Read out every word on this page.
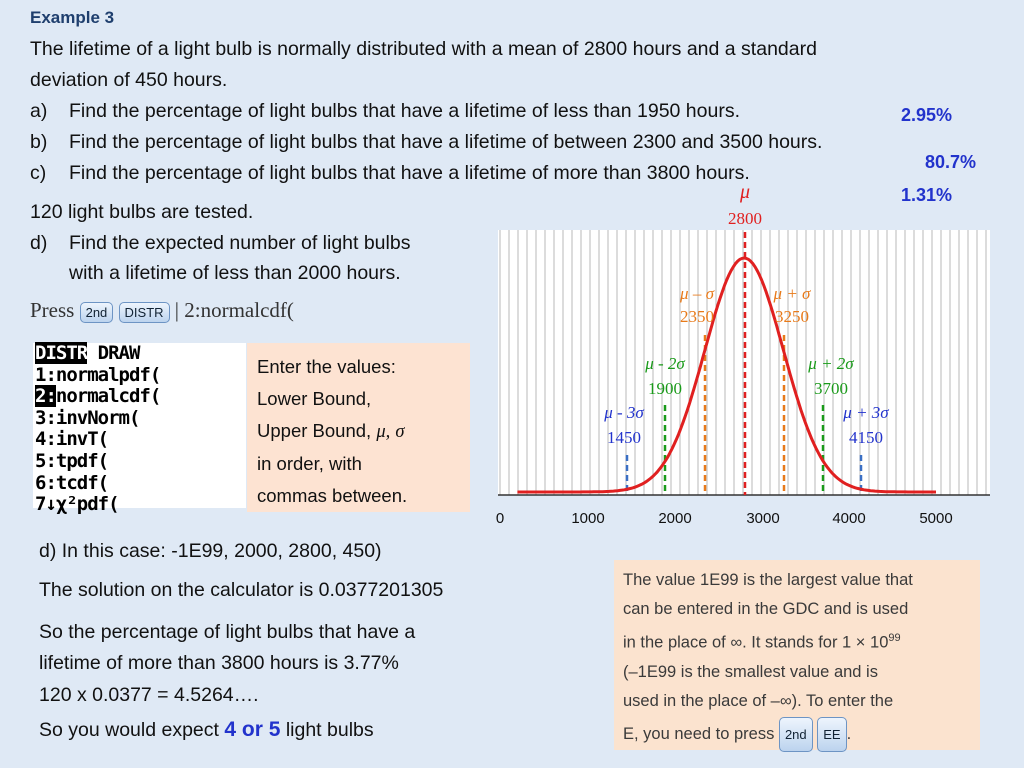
Example 3
The lifetime of a light bulb is normally distributed with a mean of 2800 hours and a standard
deviation of 450 hours.
a) Find the percentage of light bulbs that have a lifetime of less than 1950 hours.	2.95%
b) Find the percentage of light bulbs that have a lifetime of between 2300 and 3500 hours.
80.7%
c) Find the percentage of light bulbs that have a lifetime of more than 3800 hours.
1.31%
120 light bulbs are tested.
d) Find the expected number of light bulbs
with a lifetime of less than 2000 hours.
Press 2nd DISTR | 2:normalcdf(
DISTR DRAW
1:normalpdf(
2:normalcdf(
3:invNorm(
4:invT(
5:tpdf(
6:tcdf(
7↓χ²pdf(
Enter the values:
Lower Bound,
Upper Bound, μ, σ
in order, with
commas between.
μ
2800
μ – σ
2350
μ + σ
3250
μ - 2σ
1900
μ + 2σ
3700
μ - 3σ
1450
μ + 3σ
4150
0	1000	2000	3000	4000	5000
d) In this case: -1E99, 2000, 2800, 450)
The solution on the calculator is 0.0377201305
So the percentage of light bulbs that have a
lifetime of more than 3800 hours is 3.77%
120 x 0.0377 = 4.5264….
So you would expect 4 or 5 light bulbs
The value 1E99 is the largest value that
can be entered in the GDC and is used
in the place of ∞. It stands for $1 \times 10^{99}$
(–1E99 is the smallest value and is
used in the place of –∞). To enter the
E, you need to press 2nd EE .
